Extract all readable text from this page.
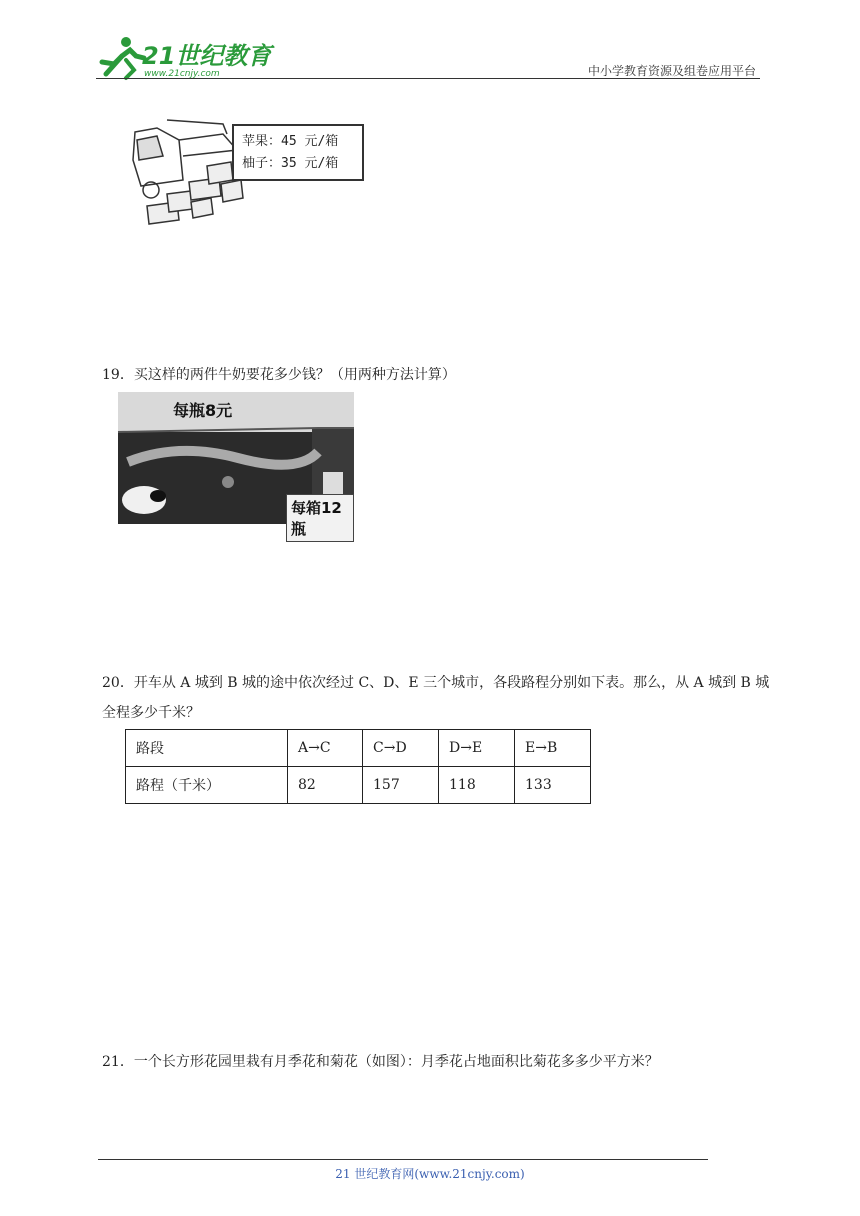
21世纪教育
www.21cnjy.com	中小学教育资源及组卷应用平台
苹果：45 元/箱
柚子：35 元/箱
19．买这样的两件牛奶要花多少钱？（用两种方法计算）
每瓶8元
每箱12瓶
20．开车从 A 城到 B 城的途中依次经过 C、D、E 三个城市，各段路程分别如下表。那么，从 A 城到 B 城全程多少千米？
路段	A→C	C→D	D→E	E→B
路程（千米）	82	157	118	133
21．一个长方形花园里栽有月季花和菊花（如图）：月季花占地面积比菊花多多少平方米？
21 世纪教育网(www.21cnjy.com)
